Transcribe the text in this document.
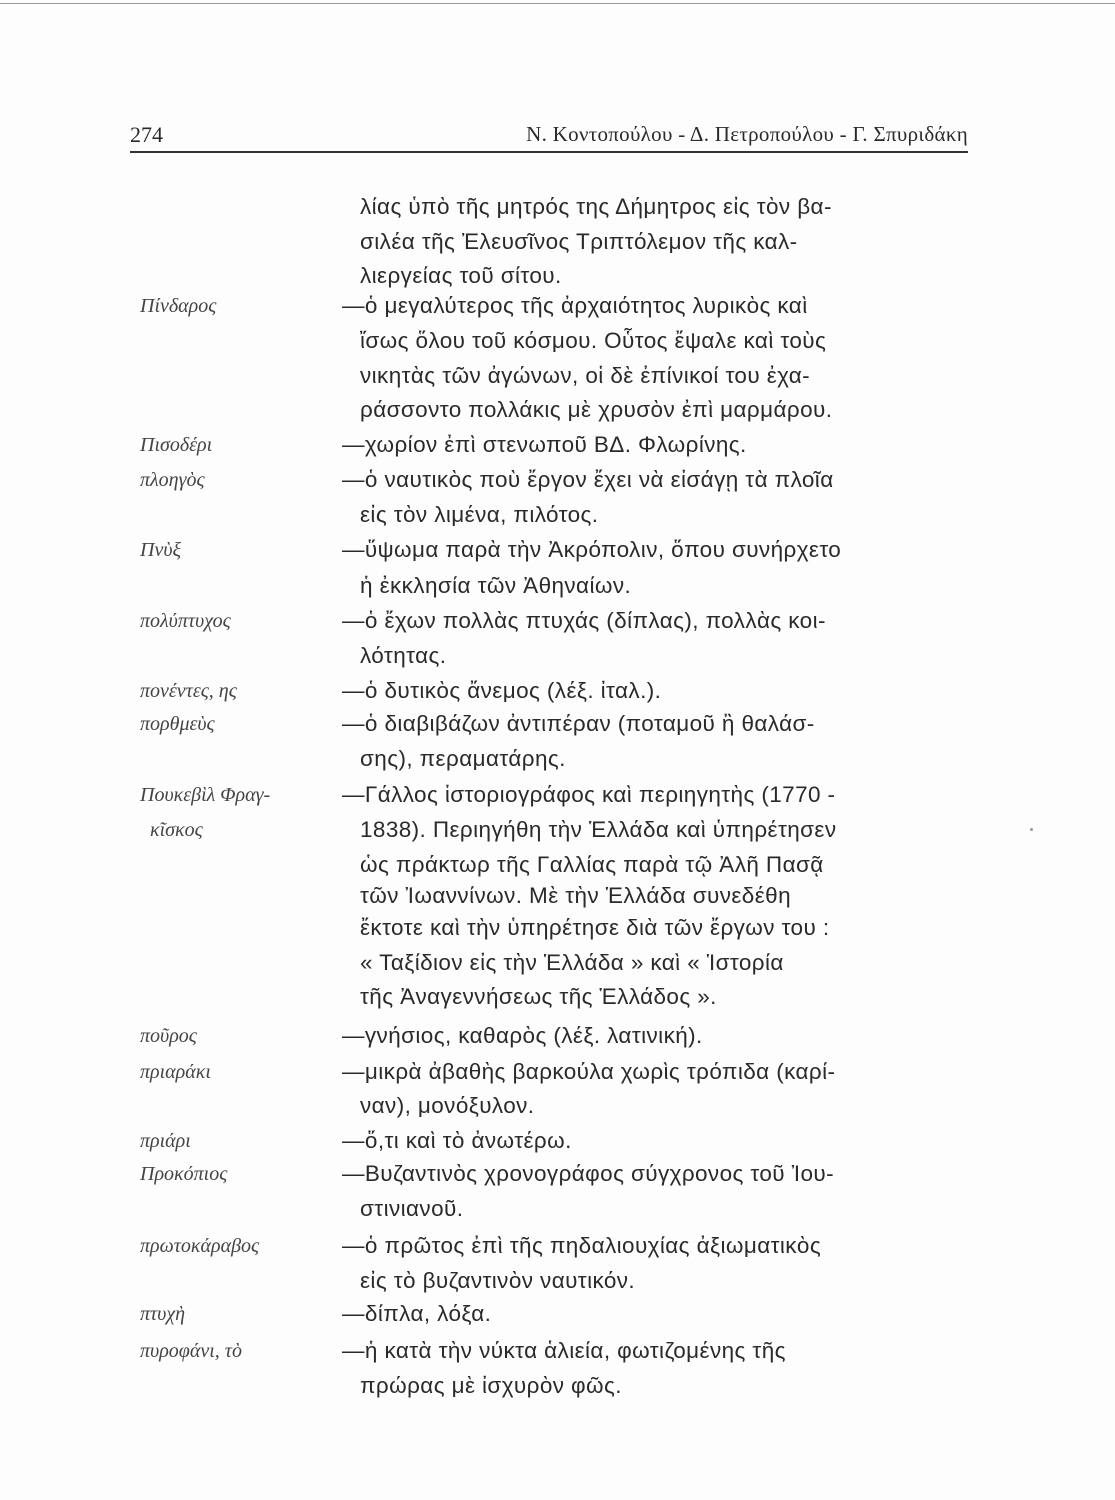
274	Ν. Κοντοπούλου - Δ. Πετροπούλου - Γ. Σπυριδάκη
λίας ὑπὸ τῆς μητρός της Δήμητρος εἰς τὸν βα-
σιλέα τῆς Ἐλευσῖνος Τριπτόλεμον τῆς καλ-
λιεργείας τοῦ σίτου.
Πίνδαρος	—ὁ μεγαλύτερος τῆς ἀρχαιότητος λυρικὸς καὶ
ἴσως ὅλου τοῦ κόσμου. Οὗτος ἔψαλε καὶ τοὺς
νικητὰς τῶν ἀγώνων, οἱ δὲ ἐπίνικοί του ἐχα-
ράσσοντο πολλάκις μὲ χρυσὸν ἐπὶ μαρμάρου.
Πισοδέρι	—χωρίον ἐπὶ στενωποῦ ΒΔ. Φλωρίνης.
πλοηγὸς	—ὁ ναυτικὸς ποὺ ἔργον ἔχει νὰ εἰσάγῃ τὰ πλοῖα
εἰς τὸν λιμένα, πιλότος.
Πνὺξ	—ὕψωμα παρὰ τὴν Ἀκρόπολιν, ὅπου συνήρχετο
ἡ ἐκκλησία τῶν Ἀθηναίων.
πολύπτυχος	—ὁ ἔχων πολλὰς πτυχάς (δίπλας), πολλὰς κοι-
λότητας.
πονέντες, ης	—ὁ δυτικὸς ἄνεμος (λέξ. ἰταλ.).
πορθμεὺς	—ὁ διαβιβάζων ἀντιπέραν (ποταμοῦ ἢ θαλάσ-
σης), περαματάρης.
Πουκεβὶλ Φραγ-
κῖσκος
—Γάλλος ἱστοριογράφος καὶ περιηγητὴς (1770 -
1838). Περιηγήθη τὴν Ἑλλάδα καὶ ὑπηρέτησεν
ὡς πράκτωρ τῆς Γαλλίας παρὰ τῷ Ἀλῆ Πασᾷ
τῶν Ἰωαννίνων. Μὲ τὴν Ἑλλάδα συνεδέθη
ἔκτοτε καὶ τὴν ὑπηρέτησε διὰ τῶν ἔργων του :
« Ταξίδιον εἰς τὴν Ἑλλάδα » καὶ « Ἱστορία
τῆς Ἀναγεννήσεως τῆς Ἑλλάδος ».
ποῦρος	—γνήσιος, καθαρὸς (λέξ. λατινική).
πριαράκι	—μικρὰ ἀβαθὴς βαρκούλα χωρὶς τρόπιδα (καρί-
ναν), μονόξυλον.
πριάρι	—ὅ,τι καὶ τὸ ἀνωτέρω.
Προκόπιος	—Βυζαντινὸς χρονογράφος σύγχρονος τοῦ Ἰου-
στινιανοῦ.
πρωτοκάραβος	—ὁ πρῶτος ἐπὶ τῆς πηδαλιουχίας ἀξιωματικὸς
εἰς τὸ βυζαντινὸν ναυτικόν.
πτυχὴ	—δίπλα, λόξα.
πυροφάνι, τὸ	—ἡ κατὰ τὴν νύκτα ἁλιεία, φωτιζομένης τῆς
πρώρας μὲ ἰσχυρὸν φῶς.
